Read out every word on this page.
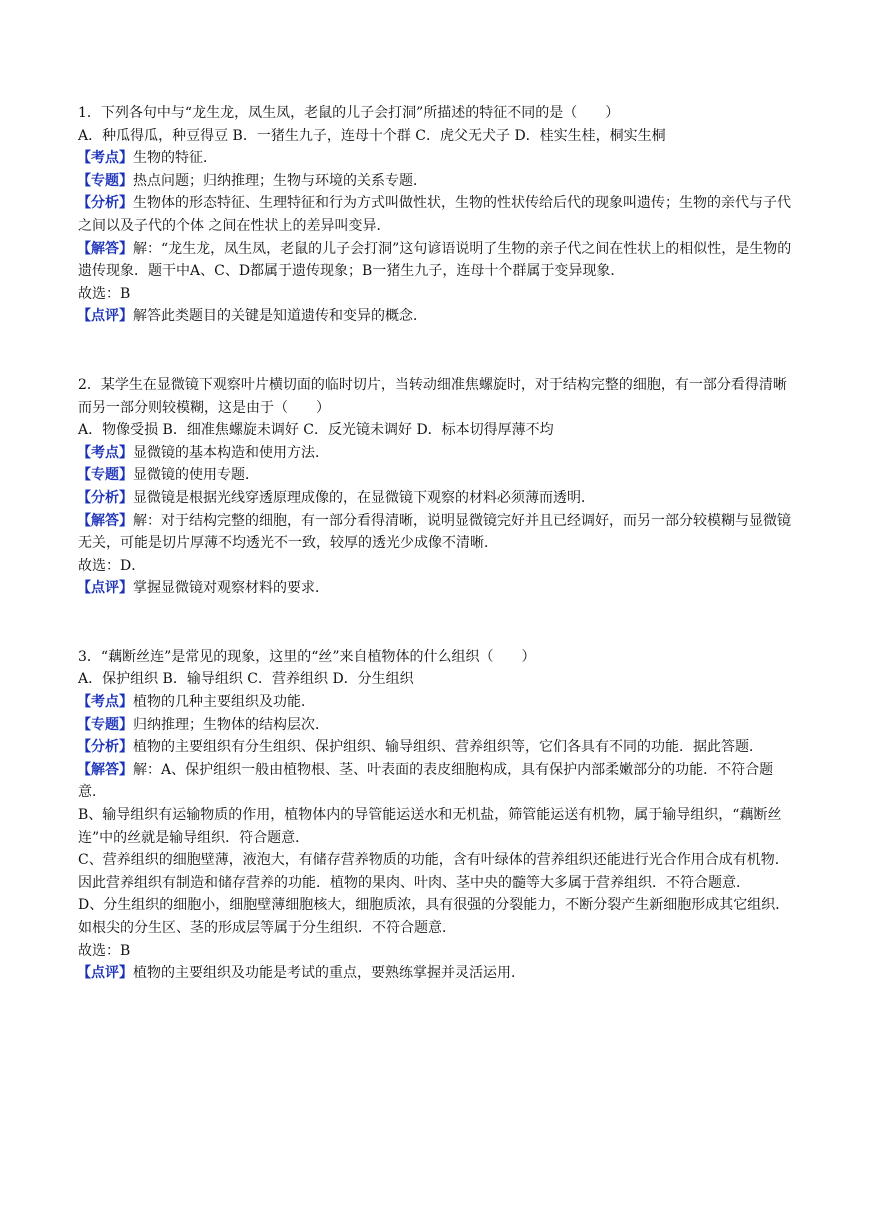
1．下列各句中与“龙生龙，凤生凤，老鼠的儿子会打洞”所描述的特征不同的是（　　）
A．种瓜得瓜，种豆得豆 B．一猪生九子，连母十个群 C．虎父无犬子 D．桂实生桂，桐实生桐
【考点】生物的特征．
【专题】热点问题；归纳推理；生物与环境的关系专题．
【分析】生物体的形态特征、生理特征和行为方式叫做性状，生物的性状传给后代的现象叫遗传；生物的亲代与子代之间以及子代的个体 之间在性状上的差异叫变异．
【解答】解：“龙生龙，凤生凤，老鼠的儿子会打洞”这句谚语说明了生物的亲子代之间在性状上的相似性，是生物的遗传现象．题干中A、C、D都属于遗传现象；B一猪生九子，连母十个群属于变异现象．
故选：B
【点评】解答此类题目的关键是知道遗传和变异的概念．
2．某学生在显微镜下观察叶片横切面的临时切片，当转动细准焦螺旋时，对于结构完整的细胞，有一部分看得清晰而另一部分则较模糊，这是由于（　　）
A．物像受损 B．细准焦螺旋未调好 C．反光镜未调好 D．标本切得厚薄不均
【考点】显微镜的基本构造和使用方法．
【专题】显微镜的使用专题．
【分析】显微镜是根据光线穿透原理成像的，在显微镜下观察的材料必须薄而透明．
【解答】解：对于结构完整的细胞，有一部分看得清晰，说明显微镜完好并且已经调好，而另一部分较模糊与显微镜无关，可能是切片厚薄不均透光不一致，较厚的透光少成像不清晰．
故选：D．
【点评】掌握显微镜对观察材料的要求．
3．“藕断丝连”是常见的现象，这里的“丝”来自植物体的什么组织（　　）
A．保护组织 B．输导组织 C．营养组织 D．分生组织
【考点】植物的几种主要组织及功能．
【专题】归纳推理；生物体的结构层次．
【分析】植物的主要组织有分生组织、保护组织、输导组织、营养组织等，它们各具有不同的功能．据此答题．
【解答】解：A、保护组织一般由植物根、茎、叶表面的表皮细胞构成，具有保护内部柔嫩部分的功能．不符合题意．
B、输导组织有运输物质的作用，植物体内的导管能运送水和无机盐，筛管能运送有机物，属于输导组织，“藕断丝连”中的丝就是输导组织．符合题意．
C、营养组织的细胞壁薄，液泡大，有储存营养物质的功能，含有叶绿体的营养组织还能进行光合作用合成有机物．因此营养组织有制造和储存营养的功能．植物的果肉、叶肉、茎中央的髓等大多属于营养组织．不符合题意．
D、分生组织的细胞小，细胞壁薄细胞核大，细胞质浓，具有很强的分裂能力，不断分裂产生新细胞形成其它组织． 如根尖的分生区、茎的形成层等属于分生组织．不符合题意．
故选：B
【点评】植物的主要组织及功能是考试的重点，要熟练掌握并灵活运用．
